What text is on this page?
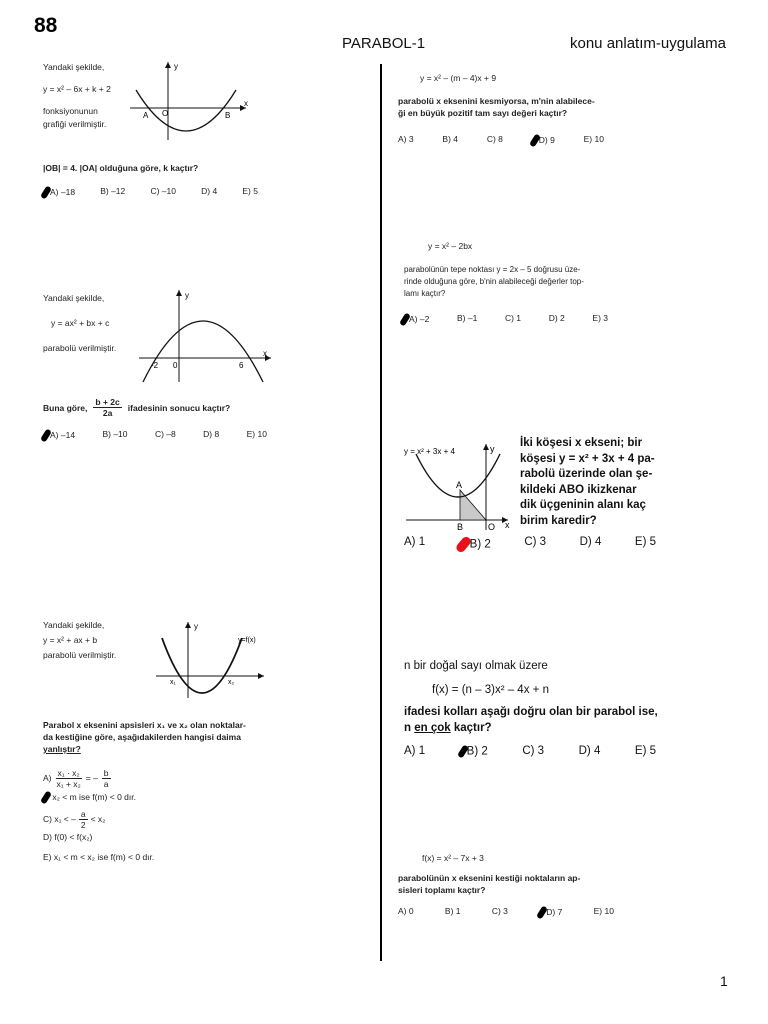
88
PARABOL-1	konu anlatım-uygulama
1
Yandaki şekilde,
y = x² – 6x + k + 2
fonksiyonunun
grafiği verilmiştir.
y
x
A O	B
|OB| = 4. |OA| olduğuna göre, k kaçtır?
A) –18	B) –12	C) –10	D) 4	E) 5
Yandaki şekilde,
y = ax² + bx + c
parabolü verilmiştir.
y
x
-2 0	6
Buna göre, $\frac{b + 2c}{2a}$ ifadesinin sonucu kaçtır?
A) –14	B) –10	C) –8	D) 8	E) 10
Yandaki şekilde,
y = x² + ax + b
parabolü verilmiştir.
y
y=f(x)
x₁	x₂
Parabol x eksenini apsisleri x₁ ve x₂ olan noktalar-
da kestiğine göre, aşağıdakilerden hangisi daima
yanlıştır?
$A) \frac{\text{x₁ · x₂}}{\text{x₁ + x₂}}$ = – $\frac{b}{a}$
x₂ < m ise f(m) < 0 dır.
C) x₁ < – $\frac{a}{2} < x_2$
D) f(0) < f(x₂)
E) x₁ < m < x₂ ise f(m) < 0 dır.
y = x² – (m – 4)x + 9
parabolü x eksenini kesmiyorsa, m'nin alabilece-
ği en büyük pozitif tam sayı değeri kaçtır?
A) 3	B) 4	C) 8	D) 9	E) 10
y = x² – 2bx
parabolünün tepe noktası y = 2x – 5 doğrusu üze-
rinde olduğuna göre, b'nin alabileceği değerler top-
lamı kaçtır?
A) –2	B) –1	C) 1	D) 2	E) 3
y = x² + 3x + 4	y
x
A
B	O
İki köşesi x ekseni; bir
köşesi y = x² + 3x + 4 pa-
rabolü üzerinde olan şe-
kildeki ABO ikizkenar
dik üçgeninin alanı kaç
birim karedir?
A) 1	B) 2	C) 3	D) 4	E) 5
n bir doğal sayı olmak üzere
f(x) = (n – 3)x² – 4x + n
ifadesi kolları aşağı doğru olan bir parabol ise,
n en çok kaçtır?
A) 1	B) 2	C) 3	D) 4	E) 5
f(x) = x² – 7x + 3
parabolünün x eksenini kestiği noktaların ap-
sisleri toplamı kaçtır?
A) 0	B) 1	C) 3	D) 7	E) 10
